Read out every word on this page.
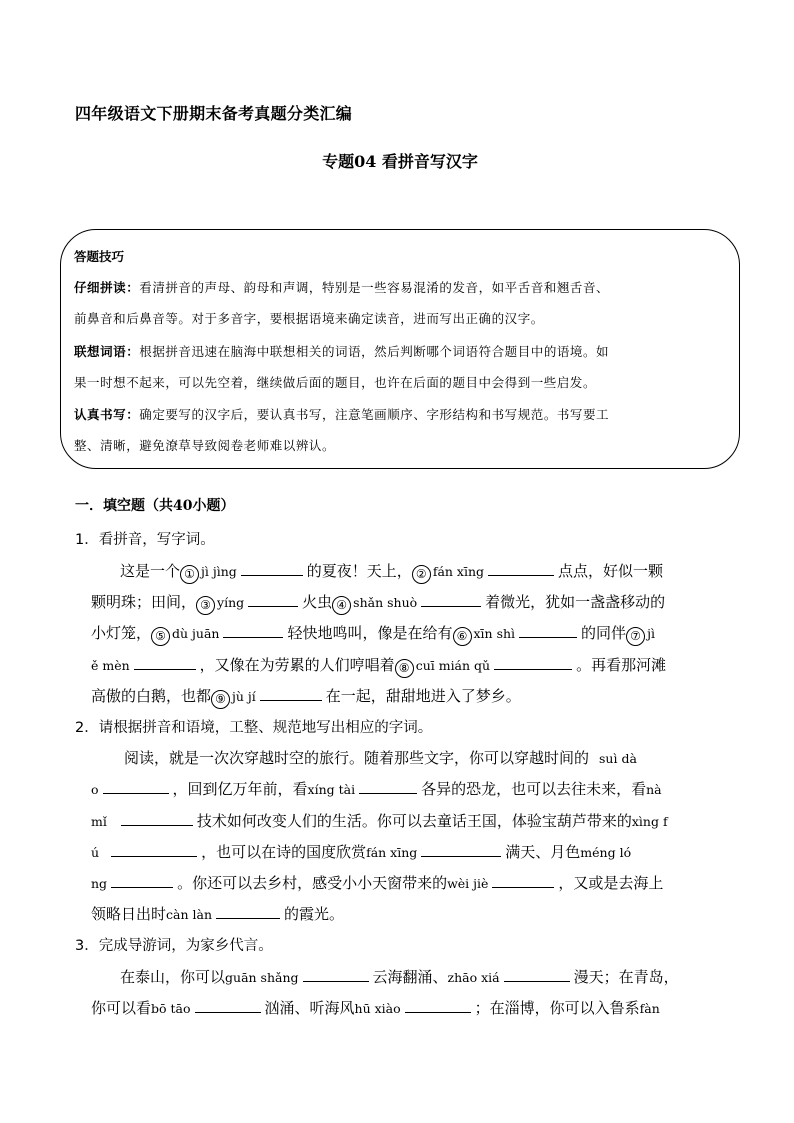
四年级语文下册期末备考真题分类汇编
专题04 看拼音写汉字
答题技巧
仔细拼读：看清拼音的声母、韵母和声调，特别是一些容易混淆的发音，如平舌音和翘舌音、
前鼻音和后鼻音等。对于多音字，要根据语境来确定读音，进而写出正确的汉字。
联想词语：根据拼音迅速在脑海中联想相关的词语，然后判断哪个词语符合题目中的语境。如
果一时想不起来，可以先空着，继续做后面的题目，也许在后面的题目中会得到一些启发。
认真书写：确定要写的汉字后，要认真书写，注意笔画顺序、字形结构和书写规范。书写要工
整、清晰，避免潦草导致阅卷老师难以辨认。
一．填空题（共40小题）
1．看拼音，写字词。
这是一个 ① jì jìng	的夏夜！天上， ② fán xīng	点点，好似一颗
颗明珠；田间， ③ yíng	火虫 ④ shǎn shuò	着微光，犹如一盏盏移动的
小灯笼， ⑤ dù juān	轻快地鸣叫，像是在给有 ⑥ xīn shì	的同伴 ⑦ jì
ě mèn	，又像在为劳累的人们哼唱着 ⑧ cuī mián qǔ	。再看那河滩
高傲的白鹅，也都 ⑨ jù jí	在一起，甜甜地进入了梦乡。
2．请根据拼音和语境，工整、规范地写出相应的字词。
阅读，就是一次次穿越时空的旅行。随着那些文字，你可以穿越时间的 suì dà
o	，回到亿万年前，看xíng tài	各异的恐龙，也可以去往未来，看nà
mǐ	技术如何改变人们的生活。你可以去童话王国，体验宝葫芦带来的xìng f
ú	，也可以在诗的国度欣赏fán xīng	满天、月色méng ló
ng	。你还可以去乡村，感受小小天窗带来的wèi jiè	，又或是去海上
领略日出时càn làn	的霞光。
3．完成导游词，为家乡代言。
在泰山，你可以guān shǎng	云海翻涌、zhāo xiá	漫天；在青岛，
你可以看bō tāo	汹涌、听海风hū xiào	；在淄博，你可以入鲁系fàn
